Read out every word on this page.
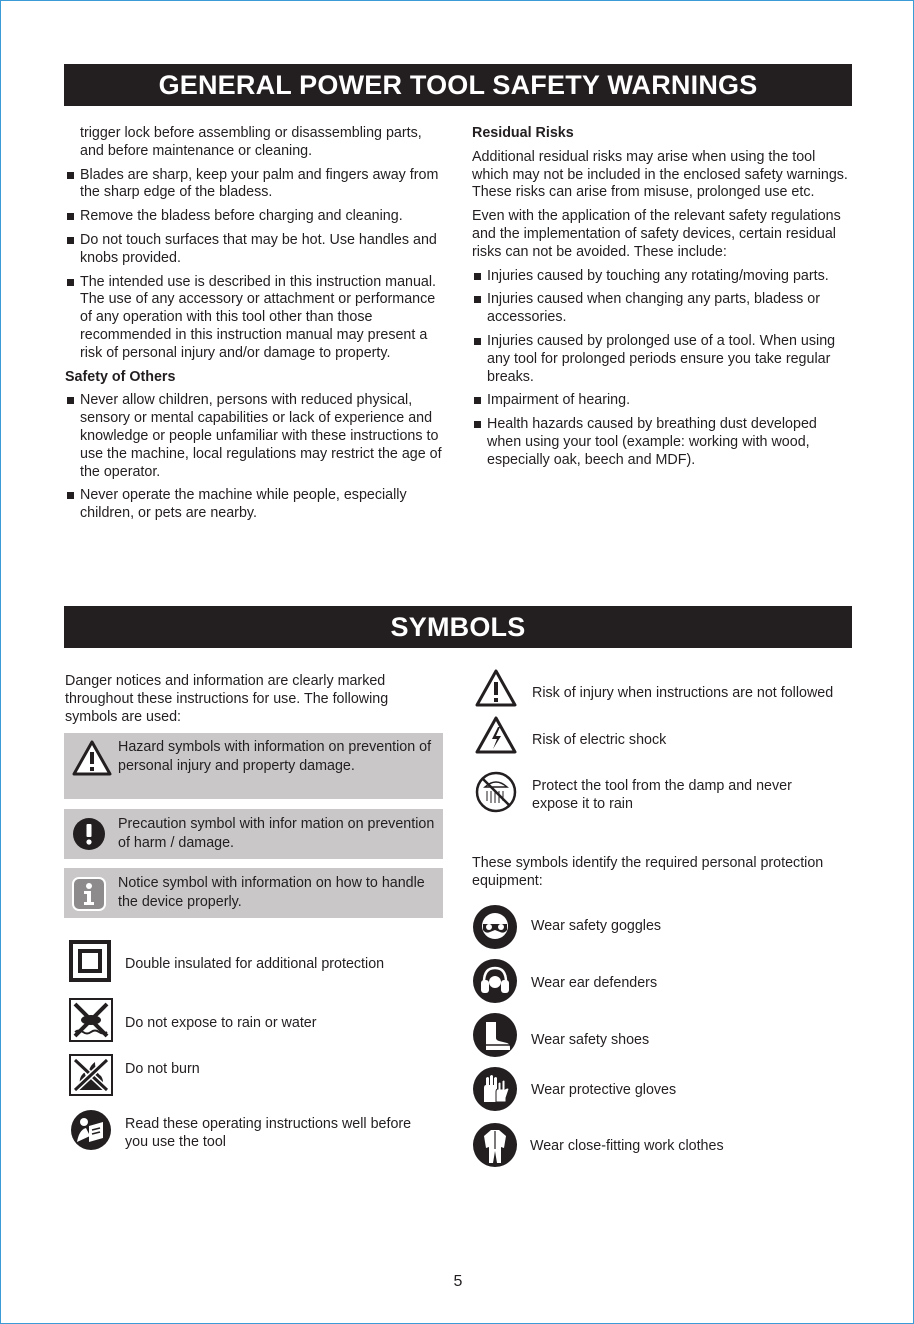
GENERAL POWER TOOL SAFETY WARNINGS

trigger lock before assembling or disassembling parts, and before maintenance or cleaning.

Blades are sharp, keep your palm and fingers away from the sharp edge of the bladess.
Remove the bladess before charging and cleaning.
Do not touch surfaces that may be hot. Use handles and knobs provided.
The intended use is described in this instruction manual. The use of any accessory or attachment or performance of any operation with this tool other than those recommended in this instruction manual may present a risk of personal injury and/or damage to property.
Safety of Others
Never allow children, persons with reduced physical, sensory or mental capabilities or lack of experience and knowledge or people unfamiliar with these instructions to use the machine, local regulations may restrict the age of the operator.
Never operate the machine while people, especially children, or pets are nearby.
Residual Risks

Additional residual risks may arise when using the tool which may not be included in the enclosed safety warnings. These risks can arise from misuse, prolonged use etc.

Even with the application of the relevant safety regulations and the implementation of safety devices, certain residual risks can not be avoided. These include:

Injuries caused by touching any rotating/moving parts.
Injuries caused when changing any parts, bladess or accessories.
Injuries caused by prolonged use of a tool. When using any tool for prolonged periods ensure you take regular breaks.
Impairment of hearing.
Health hazards caused by breathing dust developed when using your tool (example: working with wood, especially oak, beech and MDF).
SYMBOLS
Danger notices and information are clearly marked throughout these instructions for use. The following symbols are used:
Hazard symbols with information on prevention of personal injury and property damage.
Precaution symbol with infor mation on prevention of harm / damage.
Notice symbol with information on how to handle the device properly.
Double insulated for additional protection
Do not expose to rain or water
Do not burn
Read these operating instructions well before you use the tool
Risk of injury when instructions are not followed
Risk of electric shock
Protect the tool from the damp and never expose it to rain
These symbols identify the required personal protection equipment:
Wear safety goggles
Wear ear defenders
Wear safety shoes
Wear protective gloves
Wear close-fitting work clothes
5
